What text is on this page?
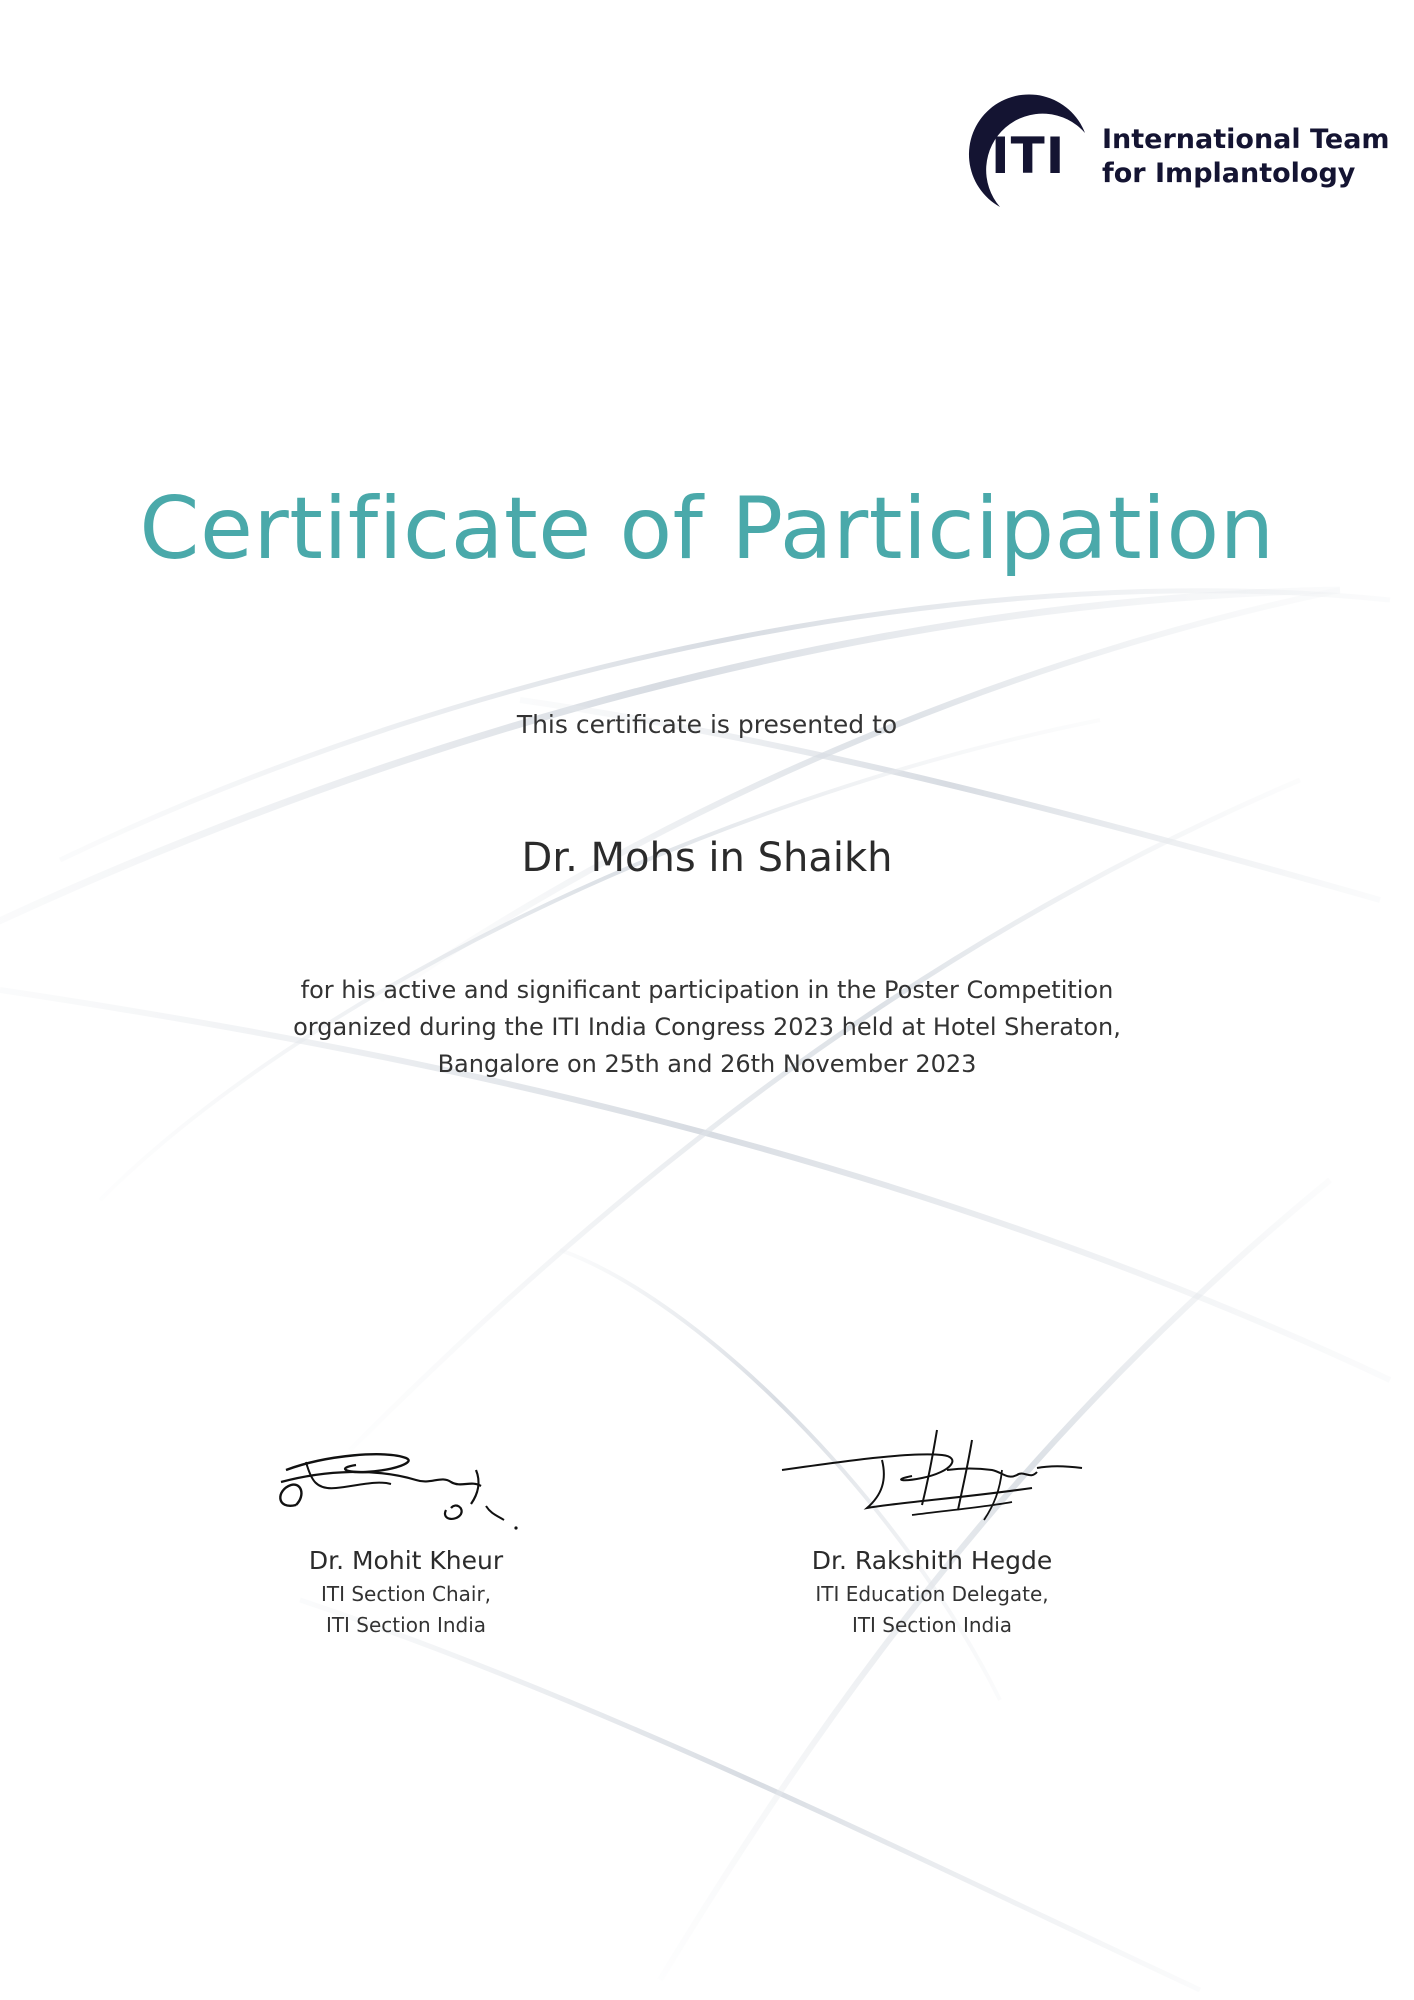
ITI International Team
for Implantology
Certificate of Participation
This certificate is presented to
Dr. Mohs in Shaikh
for his active and significant participation in the Poster Competition
organized during the ITI India Congress 2023 held at Hotel Sheraton,
Bangalore on 25th and 26th November 2023
Dr. Mohit Kheur
ITI Section Chair,
ITI Section India
Dr. Rakshith Hegde
ITI Education Delegate,
ITI Section India
